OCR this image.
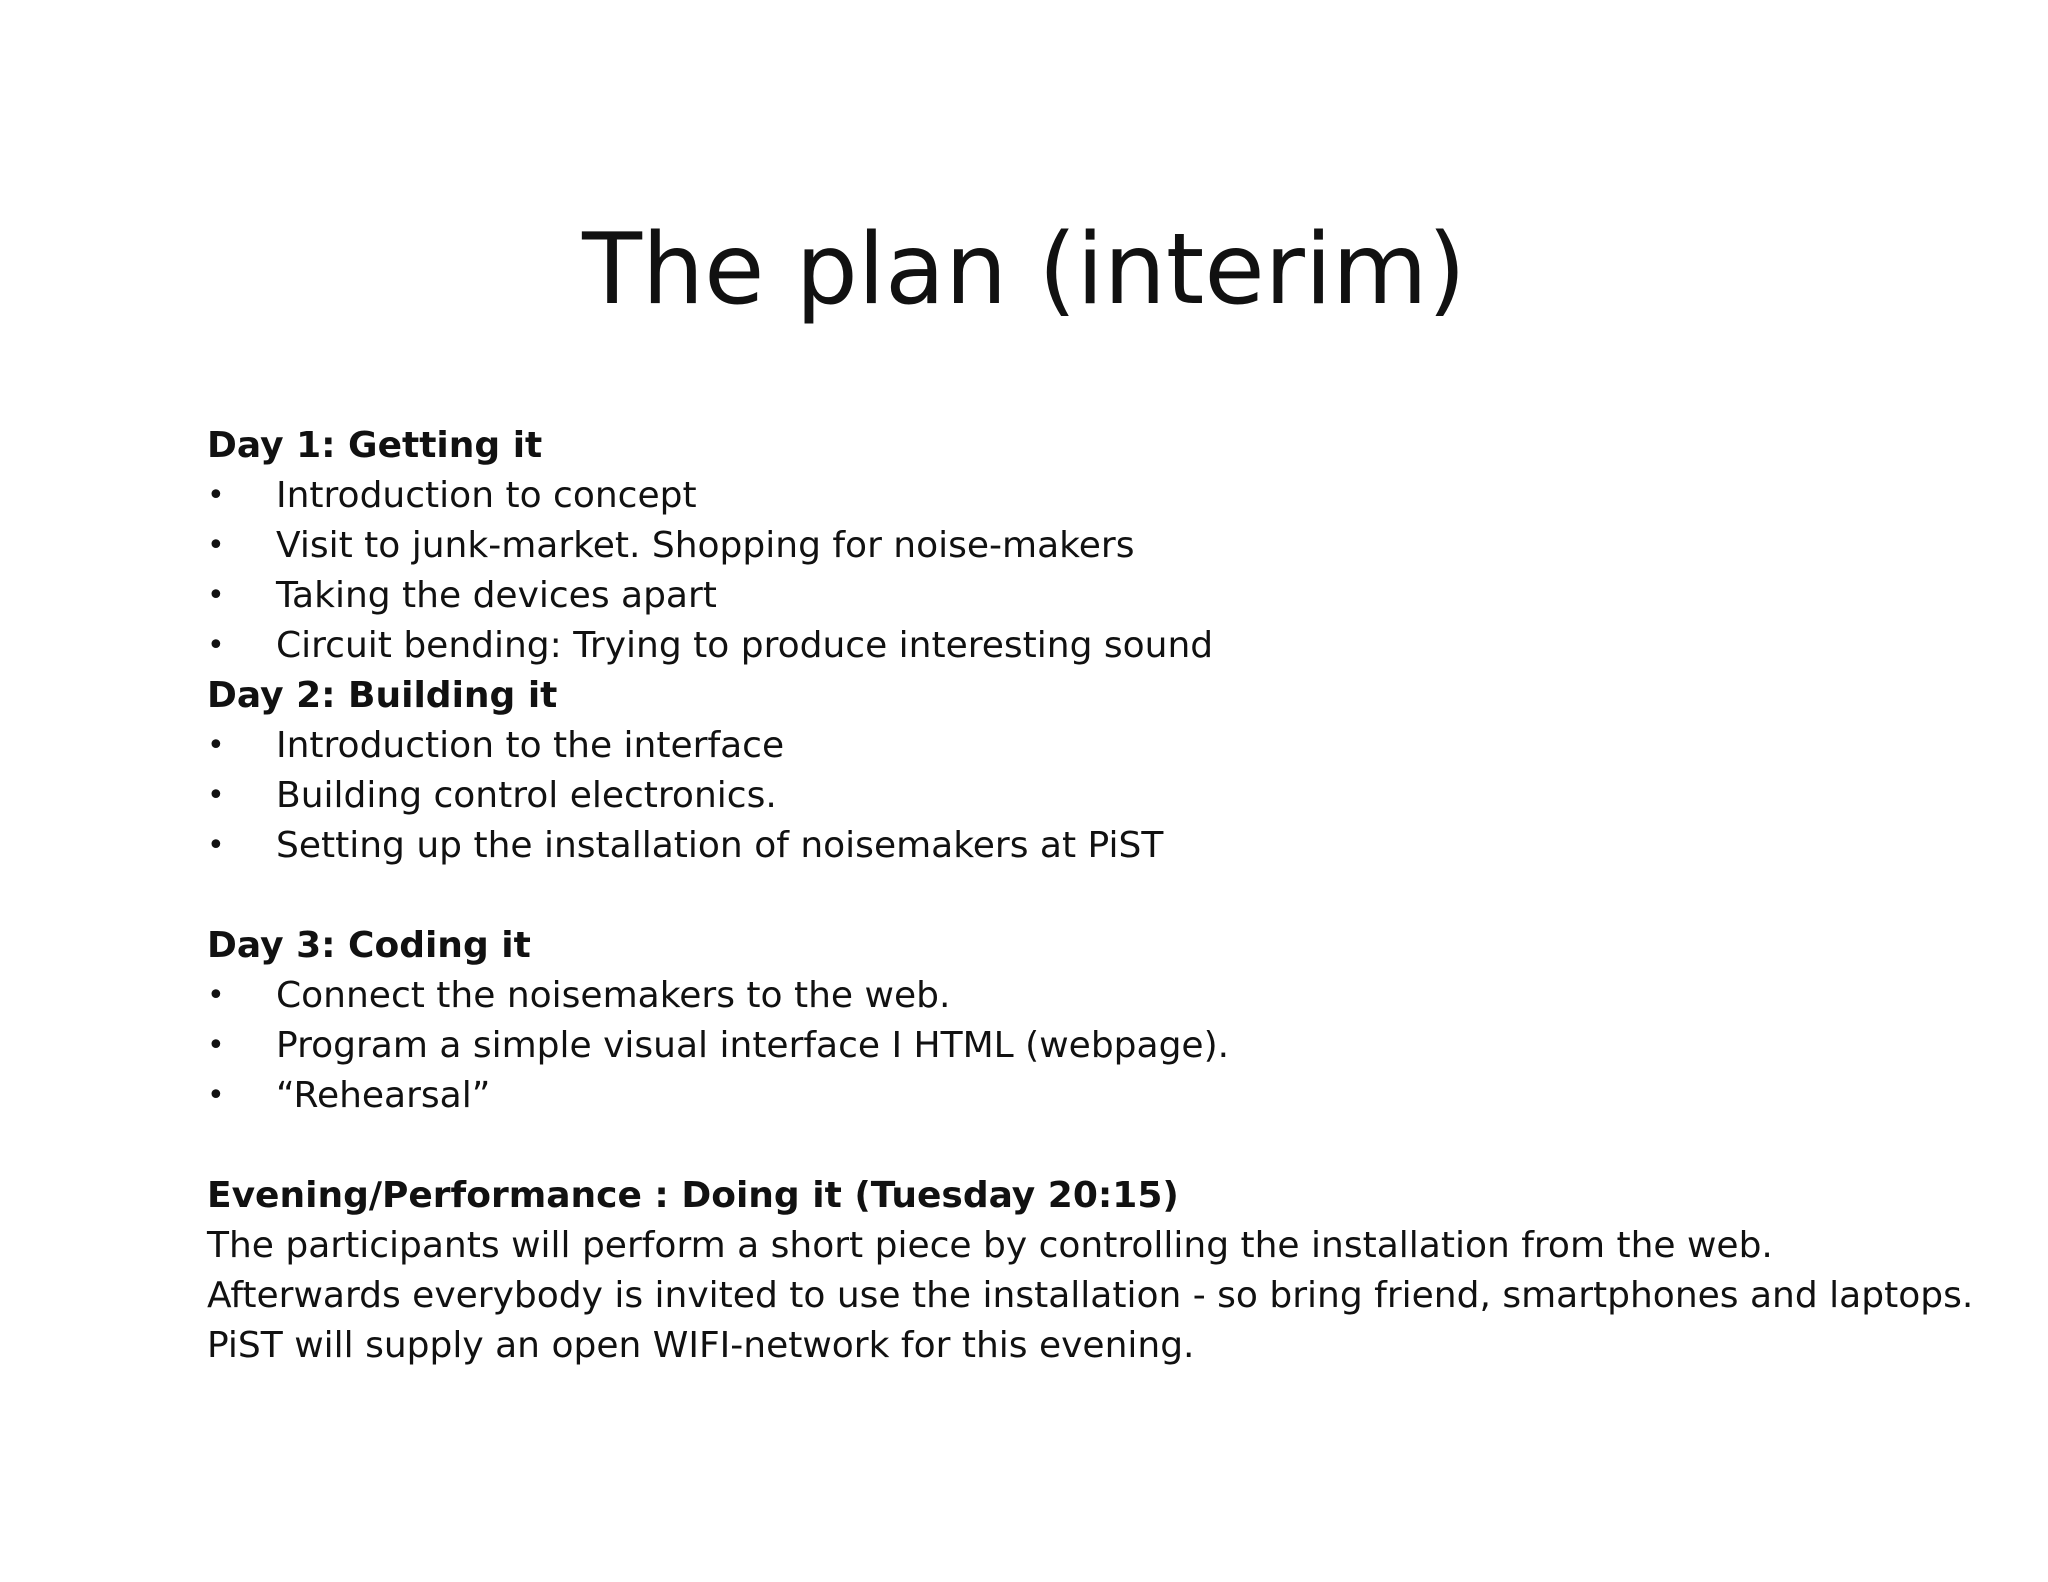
The plan (interim)
Day 1: Getting it
•	Introduction to concept
•	Visit to junk-market. Shopping for noise-makers
•	Taking the devices apart
•	Circuit bending: Trying to produce interesting sound
Day 2: Building it
•	Introduction to the interface
•	Building control electronics.
•	Setting up the installation of noisemakers at PiST
Day 3: Coding it
•	Connect the noisemakers to the web.
•	Program a simple visual interface I HTML (webpage).
•	“Rehearsal”
Evening/Performance : Doing it (Tuesday 20:15)
The participants will perform a short piece by controlling the installation from the web.
Afterwards everybody is invited to use the installation - so bring friend, smartphones and laptops.
PiST will supply an open WIFI-network for this evening.
